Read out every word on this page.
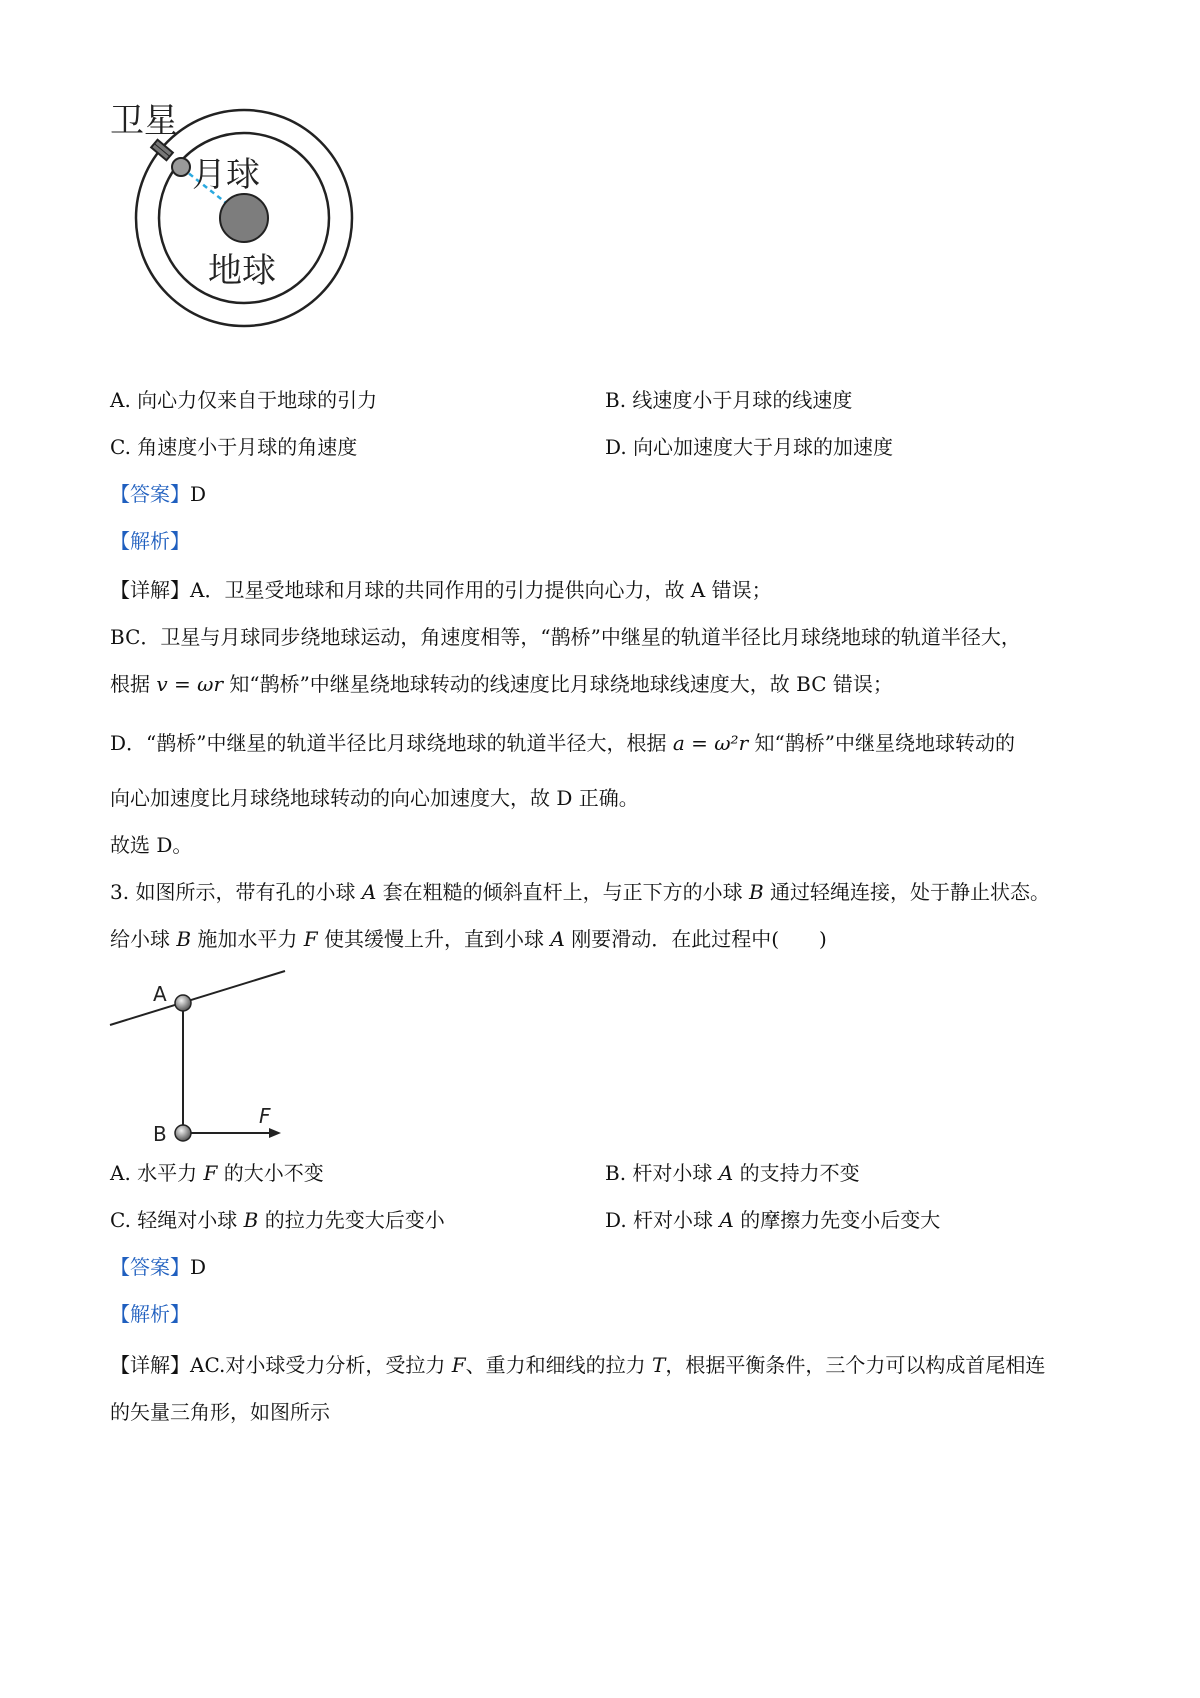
卫星
月球
地球
A. 向心力仅来自于地球的引力	B. 线速度小于月球的线速度
C. 角速度小于月球的角速度	D. 向心加速度大于月球的加速度
【答案】D
【解析】
【详解】A．卫星受地球和月球的共同作用的引力提供向心力，故 A 错误；
BC．卫星与月球同步绕地球运动，角速度相等，“鹊桥”中继星的轨道半径比月球绕地球的轨道半径大，
根据 v = ωr 知“鹊桥”中继星绕地球转动的线速度比月球绕地球线速度大，故 BC 错误；
D．“鹊桥”中继星的轨道半径比月球绕地球的轨道半径大，根据 a = ω²r 知“鹊桥”中继星绕地球转动的
向心加速度比月球绕地球转动的向心加速度大，故 D 正确。
故选 D。
3. 如图所示，带有孔的小球 A 套在粗糙的倾斜直杆上，与正下方的小球 B 通过轻绳连接，处于静止状态。
给小球 B 施加水平力 F 使其缓慢上升，直到小球 A 刚要滑动．在此过程中(　　)
A
B
F
A. 水平力 F 的大小不变	B. 杆对小球 A 的支持力不变
C. 轻绳对小球 B 的拉力先变大后变小	D. 杆对小球 A 的摩擦力先变小后变大
【答案】D
【解析】
【详解】AC.对小球受力分析，受拉力 F、重力和细线的拉力 T，根据平衡条件，三个力可以构成首尾相连
的矢量三角形，如图所示
